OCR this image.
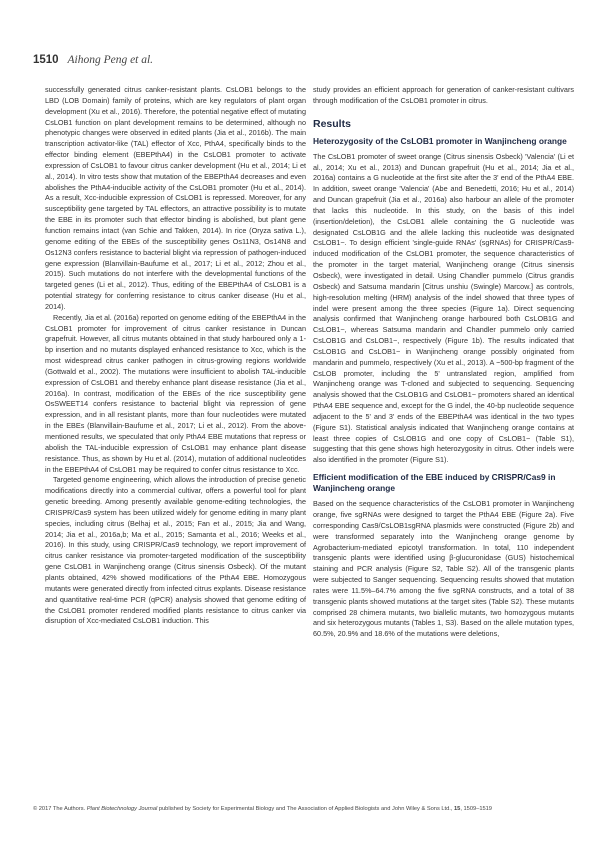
1510 Aihong Peng et al.

successfully generated citrus canker-resistant plants. CsLOB1 belongs to the LBD (LOB Domain) family of proteins, which are key regulators of plant organ development (Xu et al., 2016). Therefore, the potential negative effect of mutating CsLOB1 function on plant development remains to be determined, although no phenotypic changes were observed in edited plants (Jia et al., 2016b). The main transcription activator-like (TAL) effector of Xcc, PthA4, specifically binds to the effector binding element (EBEPthA4) in the CsLOB1 promoter to activate expression of CsLOB1 to favour citrus canker development (Hu et al., 2014; Li et al., 2014). In vitro tests show that mutation of the EBEPthA4 decreases and even abolishes the PthA4-inducible activity of the CsLOB1 promoter (Hu et al., 2014). As a result, Xcc-inducible expression of CsLOB1 is repressed. Moreover, for any susceptibility gene targeted by TAL effectors, an attractive possibility is to mutate the EBE in its promoter such that effector binding is abolished, but plant gene function remains intact (van Schie and Takken, 2014). In rice (Oryza sativa L.), genome editing of the EBEs of the susceptibility genes Os11N3, Os14N8 and Os12N3 confers resistance to bacterial blight via repression of pathogen-induced gene expression (Blanvillain-Baufume et al., 2017; Li et al., 2012; Zhou et al., 2015). Such mutations do not interfere with the developmental functions of the targeted genes (Li et al., 2012). Thus, editing of the EBEPthA4 of CsLOB1 is a potential strategy for conferring resistance to citrus canker disease (Hu et al., 2014).

Recently, Jia et al. (2016a) reported on genome editing of the EBEPthA4 in the CsLOB1 promoter for improvement of citrus canker resistance in Duncan grapefruit. However, all citrus mutants obtained in that study harboured only a 1-bp insertion and no mutants displayed enhanced resistance to Xcc, which is the most widespread citrus canker pathogen in citrus-growing regions worldwide (Gottwald et al., 2002). The mutations were insufficient to abolish TAL-inducible expression of CsLOB1 and thereby enhance plant disease resistance (Jia et al., 2016a). In contrast, modification of the EBEs of the rice susceptibility gene OsSWEET14 confers resistance to bacterial blight via repression of gene expression, and in all resistant plants, more than four nucleotides were mutated in the EBEs (Blanvillain-Baufume et al., 2017; Li et al., 2012). From the above-mentioned results, we speculated that only PthA4 EBE mutations that repress or abolish the TAL-inducible expression of CsLOB1 may enhance plant disease resistance. Thus, as shown by Hu et al. (2014), mutation of additional nucleotides in the EBEPthA4 of CsLOB1 may be required to confer citrus resistance to Xcc.

Targeted genome engineering, which allows the introduction of precise genetic modifications directly into a commercial cultivar, offers a powerful tool for plant genetic breeding. Among presently available genome-editing technologies, the CRISPR/Cas9 system has been utilized widely for genome editing in many plant species, including citrus (Belhaj et al., 2015; Fan et al., 2015; Jia and Wang, 2014; Jia et al., 2016a,b; Ma et al., 2015; Samanta et al., 2016; Weeks et al., 2016). In this study, using CRISPR/Cas9 technology, we report improvement of citrus canker resistance via promoter-targeted modification of the susceptibility gene CsLOB1 in Wanjincheng orange (Citrus sinensis Osbeck). Of the mutant plants obtained, 42% showed modifications of the PthA4 EBE. Homozygous mutants were generated directly from infected citrus explants. Disease resistance and quantitative real-time PCR (qPCR) analysis showed that genome editing of the CsLOB1 promoter rendered modified plants resistance to citrus canker via disruption of Xcc-mediated CsLOB1 induction. This

study provides an efficient approach for generation of canker-resistant cultivars through modification of the CsLOB1 promoter in citrus.

Results
Heterozygosity of the CsLOB1 promoter in Wanjincheng orange

The CsLOB1 promoter of sweet orange (Citrus sinensis Osbeck) 'Valencia' (Li et al., 2014; Xu et al., 2013) and Duncan grapefruit (Hu et al., 2014; Jia et al., 2016a) contains a G nucleotide at the first site after the 3' end of the PthA4 EBE. In addition, sweet orange 'Valencia' (Abe and Benedetti, 2016; Hu et al., 2014) and Duncan grapefruit (Jia et al., 2016a) also harbour an allele of the promoter that lacks this nucleotide. In this study, on the basis of this indel (insertion/deletion), the CsLOB1 allele containing the G nucleotide was designated CsLOB1G and the allele lacking this nucleotide was designated CsLOB1−. To design efficient 'single-guide RNAs' (sgRNAs) for CRISPR/Cas9-induced modification of the CsLOB1 promoter, the sequence characteristics of the promoter in the target material, Wanjincheng orange (Citrus sinensis Osbeck), were investigated in detail. Using Chandler pummelo (Citrus grandis Osbeck) and Satsuma mandarin [Citrus unshiu (Swingle) Marcow.] as controls, high-resolution melting (HRM) analysis of the indel showed that three types of indel were present among the three species (Figure 1a). Direct sequencing analysis confirmed that Wanjincheng orange harboured both CsLOB1G and CsLOB1−, whereas Satsuma mandarin and Chandler pummelo only carried CsLOB1G and CsLOB1−, respectively (Figure 1b). The results indicated that CsLOB1G and CsLOB1− in Wanjincheng orange possibly originated from mandarin and pummelo, respectively (Xu et al., 2013). A ~500-bp fragment of the CsLOB promoter, including the 5' untranslated region, amplified from Wanjincheng orange was T-cloned and subjected to sequencing. Sequencing analysis showed that the CsLOB1G and CsLOB1− promoters shared an identical PthA4 EBE sequence and, except for the G indel, the 40-bp nucleotide sequence adjacent to the 5' and 3' ends of the EBEPthA4 was identical in the two types (Figure S1). Statistical analysis indicated that Wanjincheng orange contains at least three copies of CsLOB1G and one copy of CsLOB1− (Table S1), suggesting that this gene shows high heterozygosity in citrus. Other indels were also identified in the promoter (Figure S1).

Efficient modification of the EBE induced by CRISPR/Cas9 in Wanjincheng orange

Based on the sequence characteristics of the CsLOB1 promoter in Wanjincheng orange, five sgRNAs were designed to target the PthA4 EBE (Figure 2a). Five corresponding Cas9/CsLOB1sgRNA plasmids were constructed (Figure 2b) and were transformed separately into the Wanjincheng orange genome by Agrobacterium-mediated epicotyl transformation. In total, 110 independent transgenic plants were identified using β-glucuronidase (GUS) histochemical staining and PCR analysis (Figure S2, Table S2). All of the transgenic plants were subjected to Sanger sequencing. Sequencing results showed that mutation rates were 11.5%–64.7% among the five sgRNA constructs, and a total of 38 transgenic plants showed mutations at the target sites (Table S2). These mutants comprised 28 chimera mutants, two biallelic mutants, two homozygous mutants and six heterozygous mutants (Tables 1, S3). Based on the allele mutation types, 60.5%, 20.9% and 18.6% of the mutations were deletions,

© 2017 The Authors. Plant Biotechnology Journal published by Society for Experimental Biology and The Association of Applied Biologists and John Wiley & Sons Ltd., 15, 1509–1519
